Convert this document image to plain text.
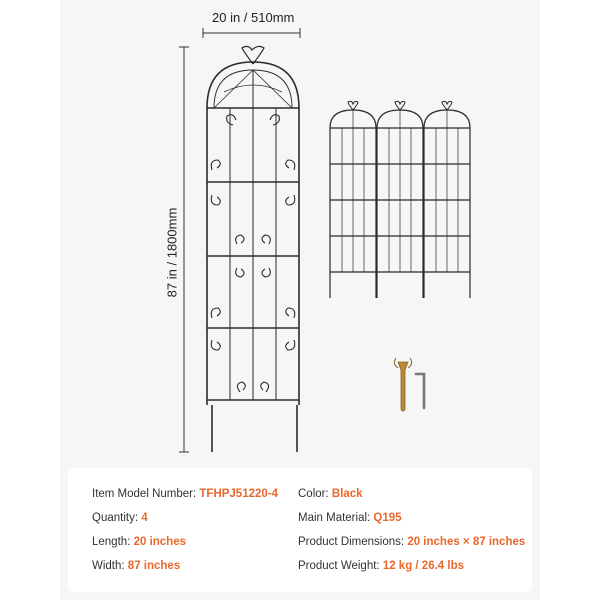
20 in / 510mm
87 in / 1800mm
Item Model Number: TFHPJ51220-4
Quantity: 4
Length: 20 inches
Width: 87 inches
Color: Black
Main Material: Q195
Product Dimensions: 20 inches × 87 inches
Product Weight: 12 kg / 26.4 lbs
